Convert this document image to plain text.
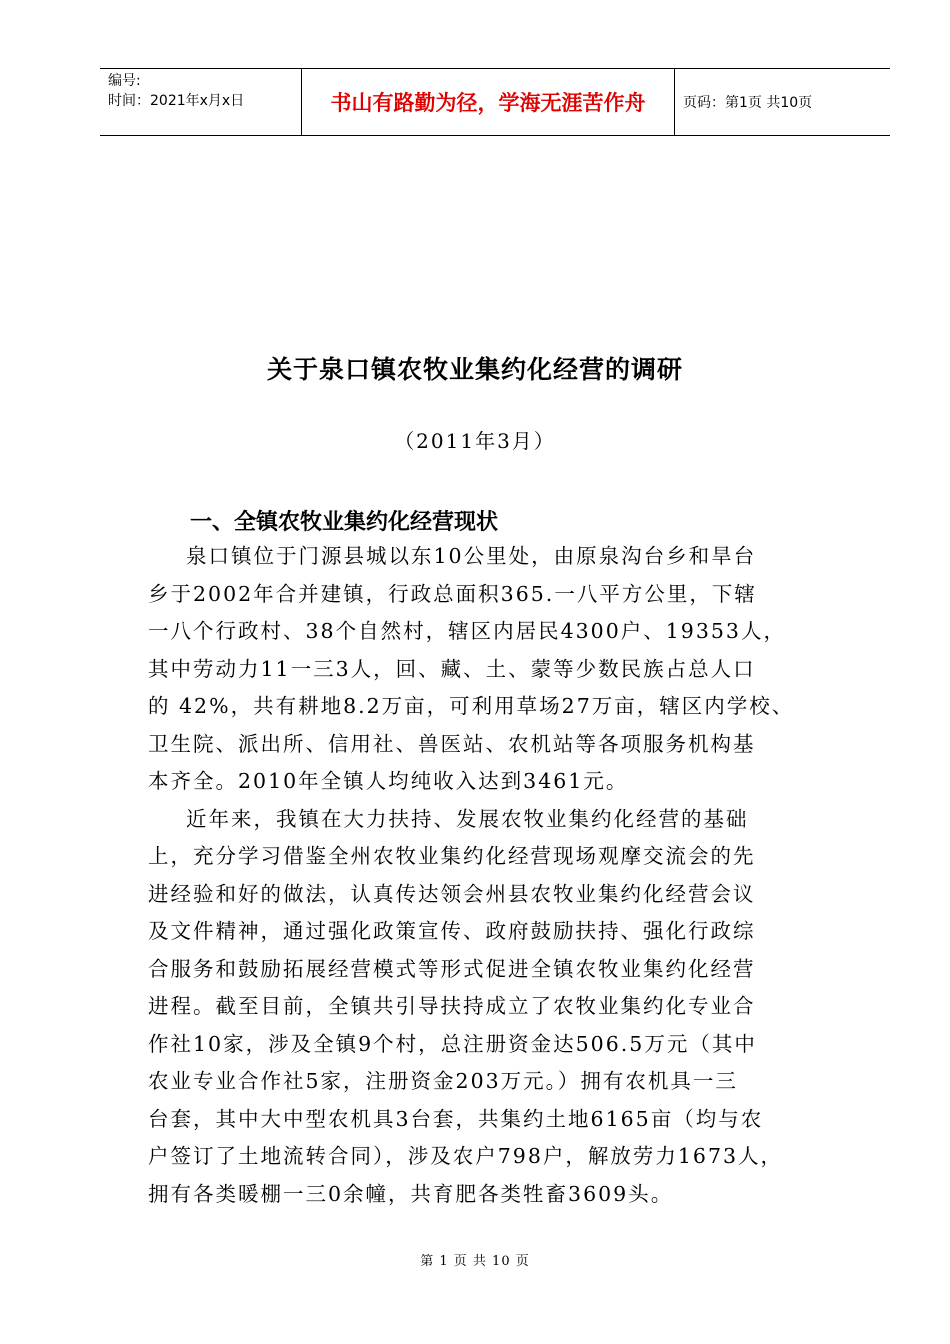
编号:
时间：2021年x月x日	书山有路勤为径，学海无涯苦作舟	页码：第1页 共10页
关于泉口镇农牧业集约化经营的调研
（2011年3月）
一、全镇农牧业集约化经营现状
泉口镇位于门源县城以东10公里处，由原泉沟台乡和旱台
乡于2002年合并建镇，行政总面积365.一八平方公里，下辖
一八个行政村、38个自然村，辖区内居民4300户、19353人，
其中劳动力11一三3人，回、藏、土、蒙等少数民族占总人口
的 42%，共有耕地8.2万亩，可利用草场27万亩，辖区内学校、
卫生院、派出所、信用社、兽医站、农机站等各项服务机构基
本齐全。2010年全镇人均纯收入达到3461元。
近年来，我镇在大力扶持、发展农牧业集约化经营的基础
上，充分学习借鉴全州农牧业集约化经营现场观摩交流会的先
进经验和好的做法，认真传达领会州县农牧业集约化经营会议
及文件精神，通过强化政策宣传、政府鼓励扶持、强化行政综
合服务和鼓励拓展经营模式等形式促进全镇农牧业集约化经营
进程。截至目前，全镇共引导扶持成立了农牧业集约化专业合
作社10家，涉及全镇9个村，总注册资金达506.5万元（其中
农业专业合作社5家，注册资金203万元。）拥有农机具一三
台套，其中大中型农机具3台套，共集约土地6165亩（均与农
户签订了土地流转合同），涉及农户798户，解放劳力1673人，
拥有各类暖棚一三0余幢，共育肥各类牲畜3609头。
第 1 页 共 10 页
